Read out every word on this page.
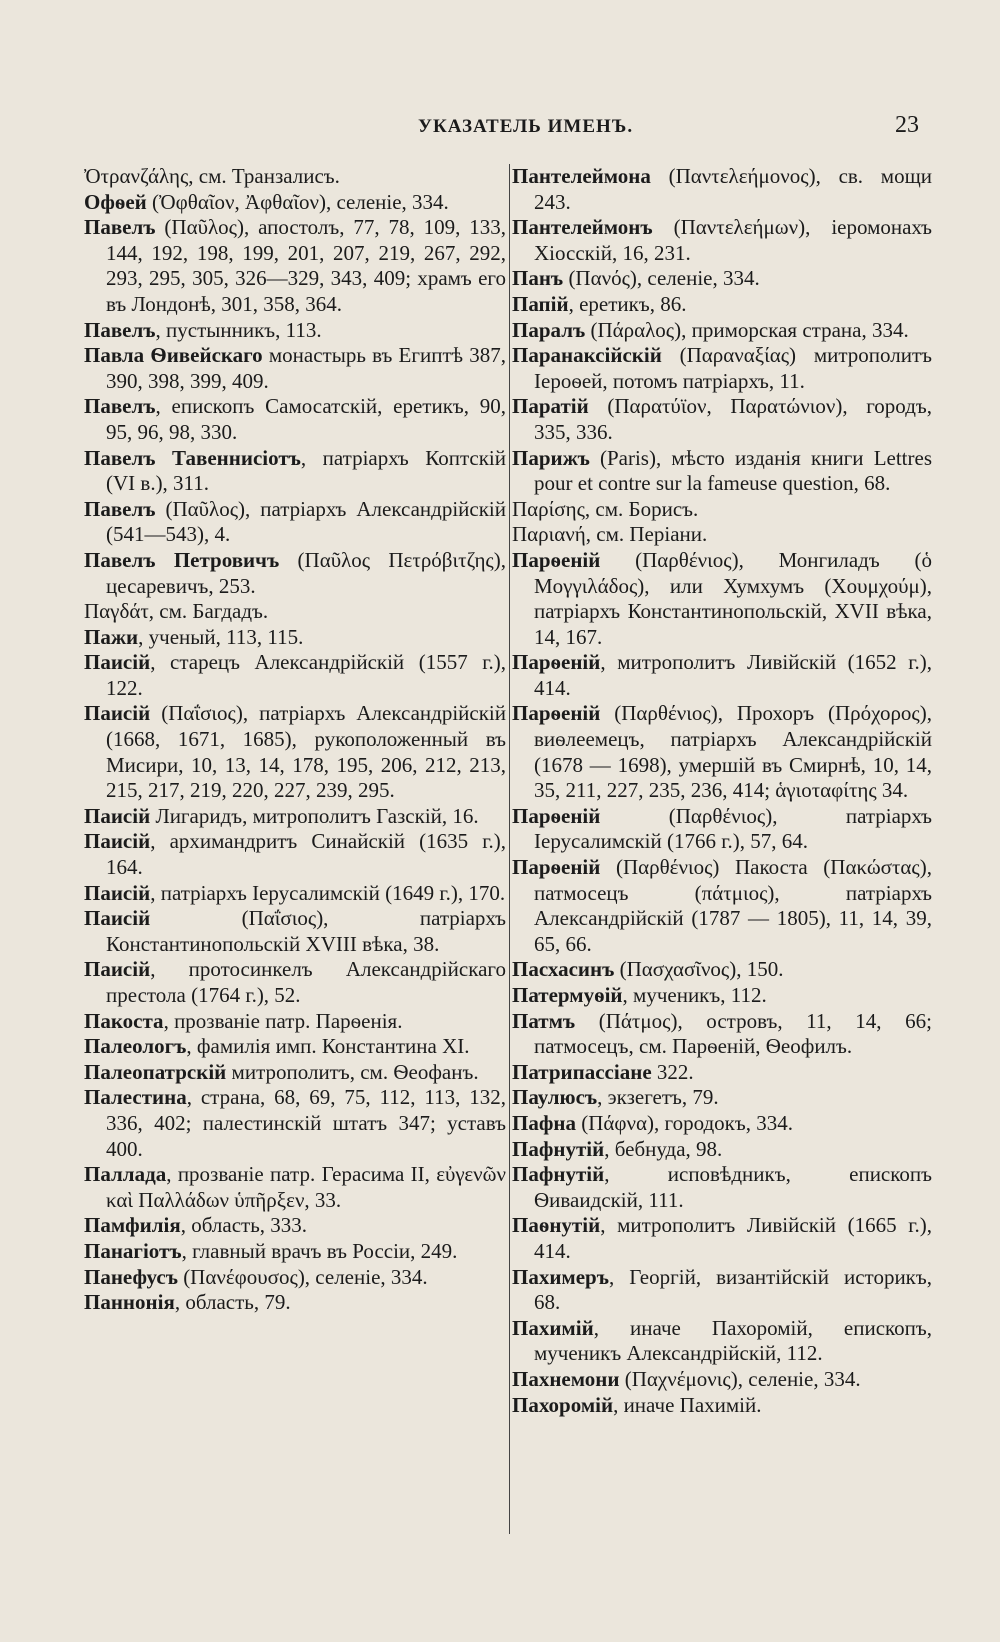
УКАЗАТЕЛЬ ИМЕНЪ.	23

Ὀτρανζάλης, см. Транзалисъ.

Офѳей (Ὀφθαῖον, Ἀφθαῖον), селеніе, 334.

Павелъ (Παῦλος), апостолъ, 77, 78, 109, 133, 144, 192, 198, 199, 201, 207, 219, 267, 292, 293, 295, 305, 326—329, 343, 409; храмъ его въ Лондонѣ, 301, 358, 364.

Павелъ, пустынникъ, 113.

Павла Ѳивейскаго монастырь въ Египтѣ 387, 390, 398, 399, 409.

Павелъ, епископъ Самосатскій, еретикъ, 90, 95, 96, 98, 330.

Павелъ Тавеннисіотъ, патріархъ Коптскій (VI в.), 311.

Павелъ (Παῦλος), патріархъ Александрійскій (541—543), 4.

Павелъ Петровичъ (Παῦλος Πετρόβιτζης), цесаревичъ, 253.

Παγδάτ, см. Багдадъ.

Пажи, ученый, 113, 115.

Паисій, старецъ Александрійскій (1557 г.), 122.

Паисій (Παΐσιος), патріархъ Александрійскій (1668, 1671, 1685), рукоположенный въ Мисири, 10, 13, 14, 178, 195, 206, 212, 213, 215, 217, 219, 220, 227, 239, 295.

Паисій Лигаридъ, митрополитъ Газскій, 16.

Паисій, архимандритъ Синайскій (1635 г.), 164.

Паисій, патріархъ Іерусалимскій (1649 г.), 170.

Паисій (Παΐσιος), патріархъ Константинопольскій XVIII вѣка, 38.

Паисій, протосинкелъ Александрійскаго престола (1764 г.), 52.

Пакоста, прозваніе патр. Парѳенія.

Палеологъ, фамилія имп. Константина XI.

Палеопатрскій митрополитъ, см. Ѳеофанъ.

Палестина, страна, 68, 69, 75, 112, 113, 132, 336, 402; палестинскій штатъ 347; уставъ 400.

Паллада, прозваніе патр. Герасима II, εὐγενῶν καὶ Παλλάδων ὑπῆρξεν, 33.

Памфилія, область, 333.

Панагіотъ, главный врачъ въ Россіи, 249.

Панефусъ (Πανέφουσος), селеніе, 334.

Паннонія, область, 79.

Пантелеймона (Παντελεήμονος), св. мощи 243.

Пантелеймонъ (Παντελεήμων), іеромонахъ Хіосскій, 16, 231.

Панъ (Πανός), селеніе, 334.

Папій, еретикъ, 86.

Паралъ (Πάραλος), приморская страна, 334.

Паранаксійскій (Παραναξίας) митрополитъ Іероѳей, потомъ патріархъ, 11.

Паратій (Παρατύϊον, Παρατώνιον), городъ, 335, 336.

Парижъ (Paris), мѣсто изданія книги Lettres pour et contre sur la fameuse question, 68.

Παρίσης, см. Борисъ.

Παριανή, см. Періани.

Парѳеній (Παρθένιος), Монгиладъ (ὁ Μογγιλάδος), или Хумхумъ (Χουμχούμ), патріархъ Константинопольскій, XVII вѣка, 14, 167.

Парѳеній, митрополитъ Ливійскій (1652 г.), 414.

Парѳеній (Παρθένιος), Прохоръ (Πρόχορος), виѳлеемецъ, патріархъ Александрійскій (1678 — 1698), умершій въ Смирнѣ, 10, 14, 35, 211, 227, 235, 236, 414; ἁγιοταφίτης 34.

Парѳеній (Παρθένιος), патріархъ Іерусалимскій (1766 г.), 57, 64.

Парѳеній (Παρθένιος) Пакоста (Πακώστας), патмосецъ (πάτμιος), патріархъ Александрійскій (1787 — 1805), 11, 14, 39, 65, 66.

Пасхасинъ (Πασχασῖνος), 150.

Патермуѳій, мученикъ, 112.

Патмъ (Πάτμος), островъ, 11, 14, 66; патмосецъ, см. Парѳеній, Ѳеофилъ.

Патрипассіане 322.

Паулюсъ, экзегетъ, 79.

Пафна (Πάφνα), городокъ, 334.

Пафнутій, бебнуда, 98.

Пафнутій, исповѣдникъ, епископъ Ѳиваидскій, 111.

Паѳнутій, митрополитъ Ливійскій (1665 г.), 414.

Пахимеръ, Георгій, византійскій историкъ, 68.

Пахимій, иначе Пахоромій, епископъ, мученикъ Александрійскій, 112.

Пахнемони (Παχνέμονις), селеніе, 334.

Пахоромій, иначе Пахимій.
